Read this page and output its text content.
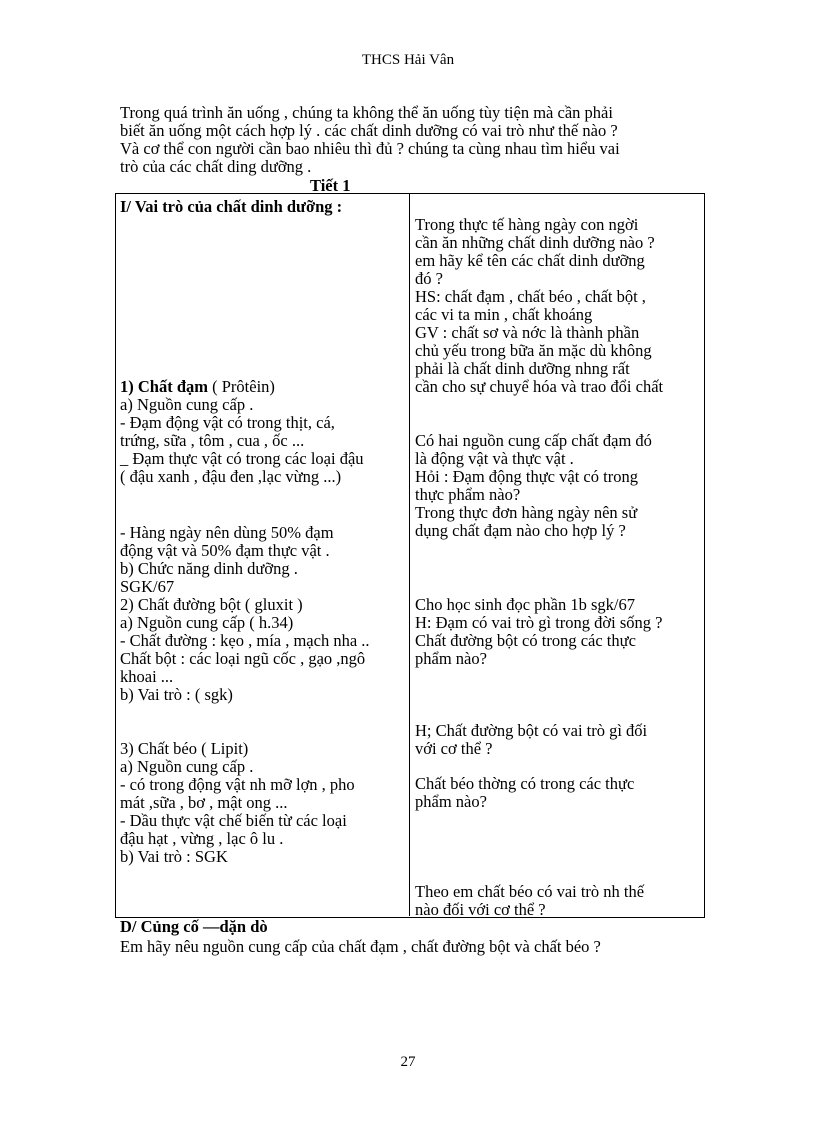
THCS Hải Vân
Trong quá trình ăn uống , chúng ta không thể ăn uống tùy tiện mà cần phải
biết ăn uống một cách hợp lý . các chất dinh dưỡng có vai trò như thế nào ?
Và cơ thể con người cần bao nhiêu thì đủ ? chúng ta cùng nhau tìm hiểu vai
trò của các chất ding dưỡng .
Tiết 1
I/ Vai trò của chất dinh dưỡng :
1) Chất đạm ( Prôtêin)
a) Nguồn cung cấp .
- Đạm động vật có trong thịt, cá,
trứng, sữa , tôm , cua , ốc ...
_ Đạm thực vật có trong các loại đậu
( đậu xanh , đậu đen ,lạc vừng ...)
- Hàng ngày nên dùng 50% đạm
động vật và 50% đạm thực vật .
b) Chức năng dinh dưỡng .
SGK/67
2) Chất đường bột ( gluxit )
a) Nguồn cung cấp ( h.34)
- Chất đường : kẹo , mía , mạch nha ..
Chất bột : các loại ngũ cốc , gạo ,ngô
khoai ...
b) Vai trò : ( sgk)
3) Chất béo ( Lipit)
a) Nguồn cung cấp .
- có trong động vật nh mỡ lợn , pho
mát ,sữa , bơ , mật ong ...
- Dầu thực vật chế biến từ các loại
đậu hạt , vừng , lạc ô lu .
b) Vai trò : SGK
Trong thực tế hàng ngày con ngời
cần ăn những chất dinh dưỡng nào ?
em hãy kể tên các chất dinh dưỡng
đó ?
HS: chất đạm , chất béo , chất bột ,
các vi ta min , chất khoáng
GV : chất sơ và nớc là thành phần
chủ yếu trong bữa ăn mặc dù không
phải là chất dinh dưỡng nhng rất
cần cho sự chuyể hóa và trao đổi chất
Có hai nguồn cung cấp chất đạm đó
là động vật và thực vật .
Hỏi : Đạm động thực vật có trong
thực phẩm nào?
Trong thực đơn hàng ngày nên sử
dụng chất đạm nào cho hợp lý ?
Cho học sinh đọc phần 1b sgk/67
H: Đạm có vai trò gì trong đời sống ?
Chất đường bột có trong các thực
phẩm nào?
H; Chất đường bột có vai trò gì đối
với cơ thể ?
Chất béo thờng có trong các thực
phẩm nào?
Theo em chất béo có vai trò nh thế
nào đối với cơ thể ?
D/ Củng cố —dặn dò
Em hãy nêu nguồn cung cấp của chất đạm , chất đường bột và chất béo ?
27
